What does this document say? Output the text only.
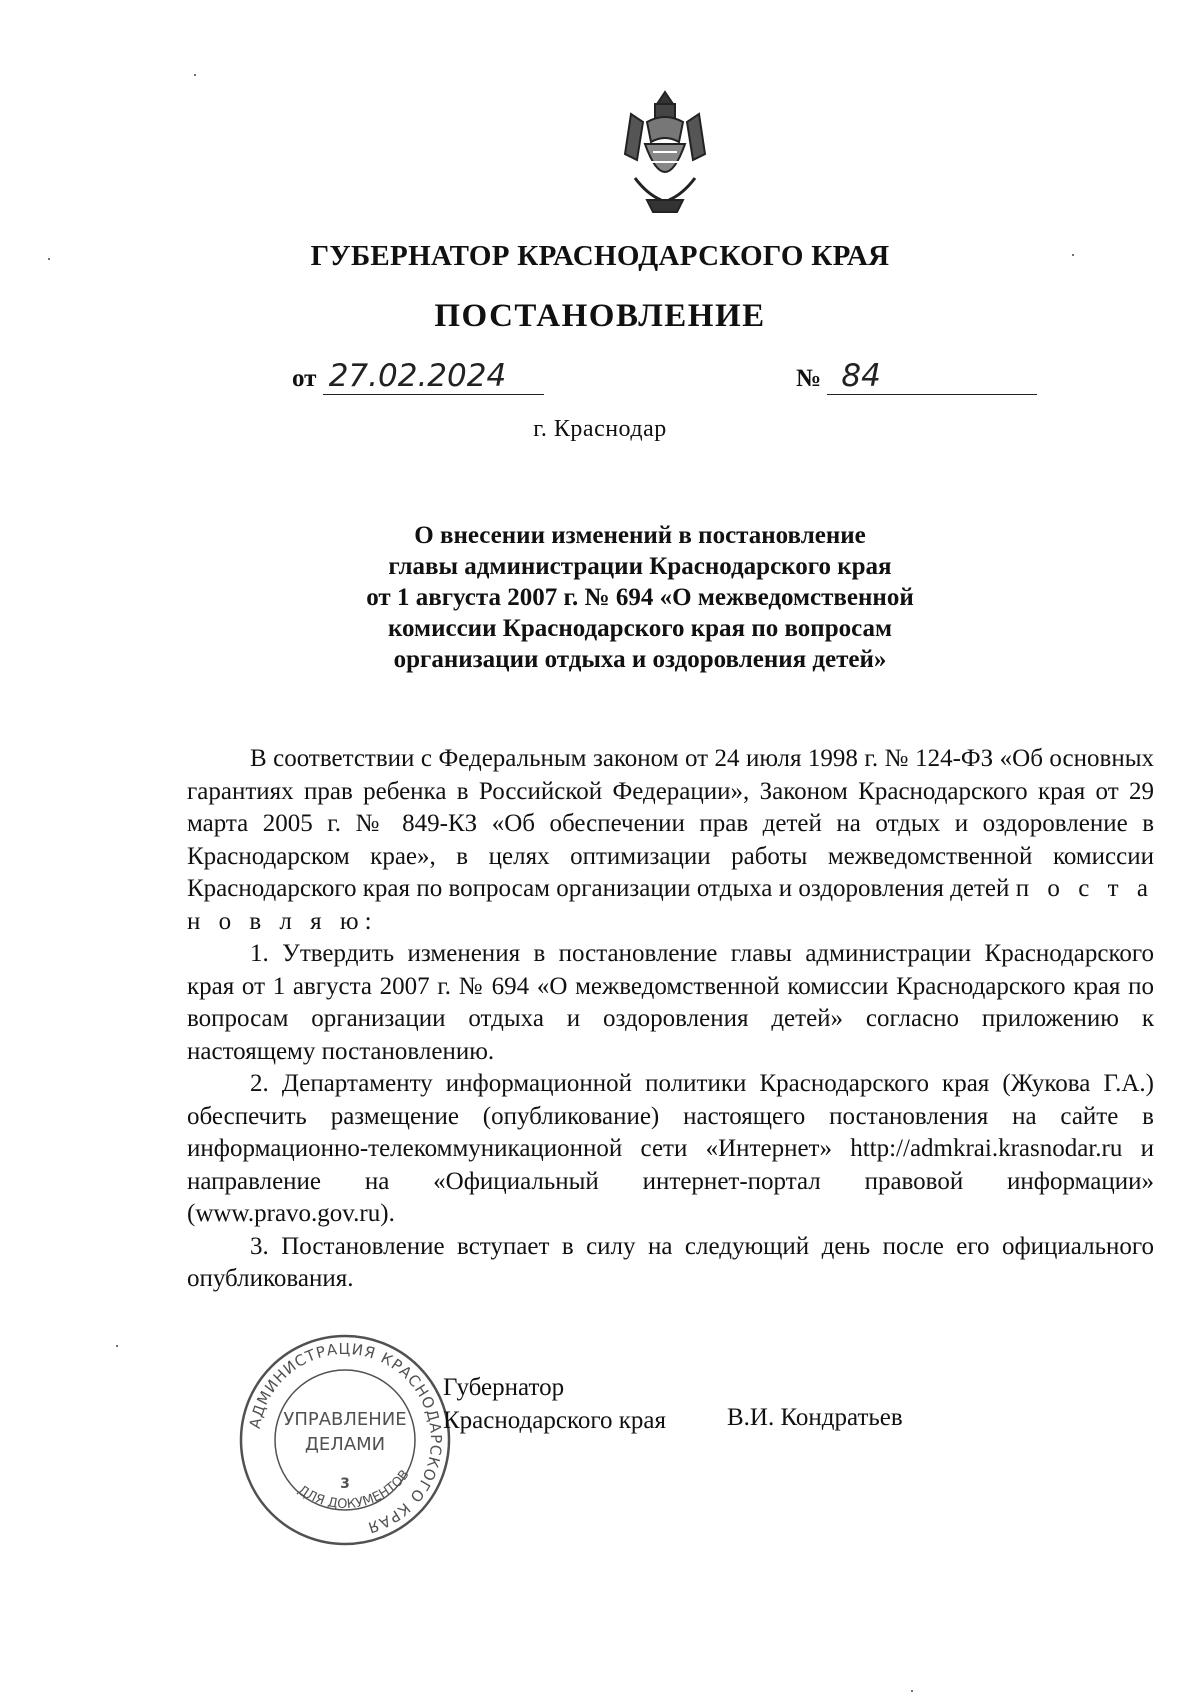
ГУБЕРНАТОР КРАСНОДАРСКОГО КРАЯ
ПОСТАНОВЛЕНИЕ
от 27.02.2024	№ 84
г. Краснодар
О внесении изменений в постановление
главы администрации Краснодарского края
от 1 августа 2007 г. № 694 «О межведомственной
комиссии Краснодарского края по вопросам
организации отдыха и оздоровления детей»

В соответствии с Федеральным законом от 24 июля 1998 г. № 124-ФЗ «Об основных гарантиях прав ребенка в Российской Федерации», Законом Краснодарского края от 29 марта 2005 г. № 849-КЗ «Об обеспечении прав детей на отдых и оздоровление в Краснодарском крае», в целях оптимизации работы межведомственной комиссии Краснодарского края по вопросам организации отдыха и оздоровления детей п о с т а н о в л я ю:

1. Утвердить изменения в постановление главы администрации Краснодарского края от 1 августа 2007 г. № 694 «О межведомственной комиссии Краснодарского края по вопросам организации отдыха и оздоровления детей» согласно приложению к настоящему постановлению.

2. Департаменту информационной политики Краснодарского края (Жукова Г.А.) обеспечить размещение (опубликование) настоящего постановления на сайте в информационно-телекоммуникационной сети «Интернет» http://admkrai.krasnodar.ru и направление на «Официальный интернет-портал правовой информации» (www.pravo.gov.ru).

3. Постановление вступает в силу на следующий день после его официального опубликования.

АДМИНИСТРАЦИЯ КРАСНОДАРСКОГО КРАЯ
ДЛЯ ДОКУМЕНТОВ
УПРАВЛЕНИЕ
ДЕЛАМИ
3
Губернатор
Краснодарского края В.И. Кондратьев
